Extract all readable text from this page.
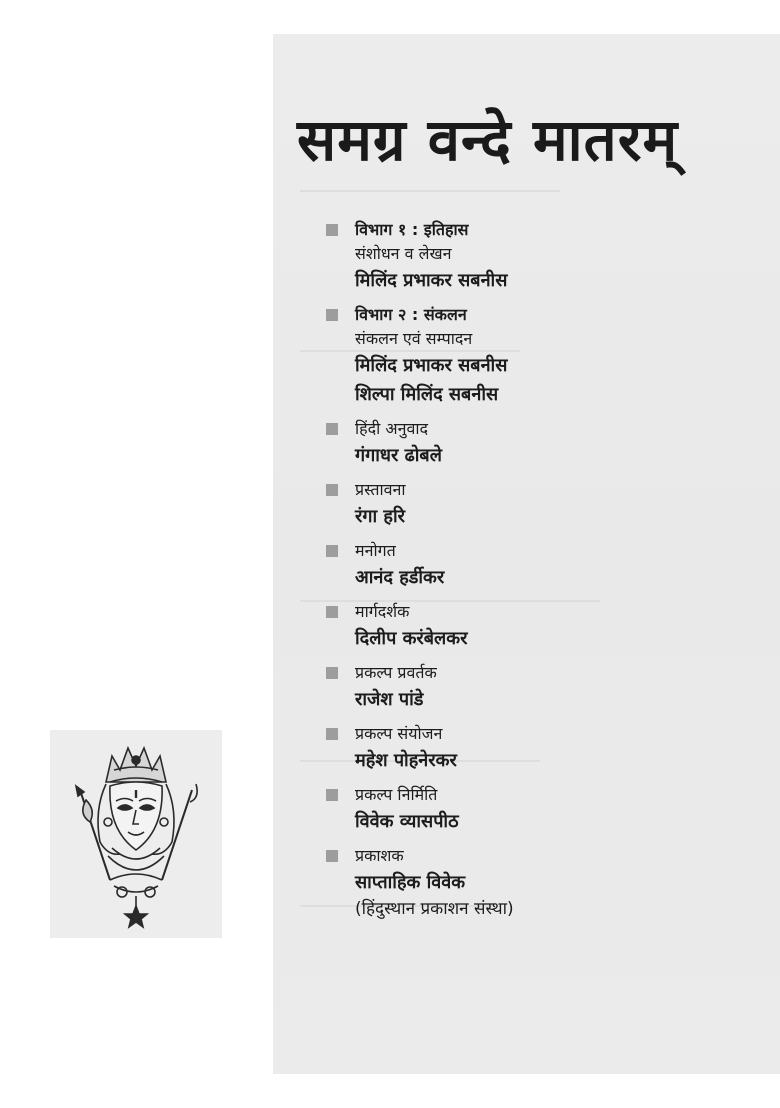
समग्र वन्दे मातरम्
विभाग १ : इतिहास
संशोधन व लेखन
मिलिंद प्रभाकर सबनीस
विभाग २ : संकलन
संकलन एवं सम्पादन
मिलिंद प्रभाकर सबनीस
शिल्पा मिलिंद सबनीस
हिंदी अनुवाद
गंगाधर ढोबले
प्रस्तावना
रंगा हरि
मनोगत
आनंद हर्डीकर
मार्गदर्शक
दिलीप करंबेलकर
प्रकल्प प्रवर्तक
राजेश पांडे
प्रकल्प संयोजन
महेश पोहनेरकर
प्रकल्प निर्मिति
विवेक व्यासपीठ
प्रकाशक
साप्ताहिक विवेक
(हिंदुस्थान प्रकाशन संस्था)
